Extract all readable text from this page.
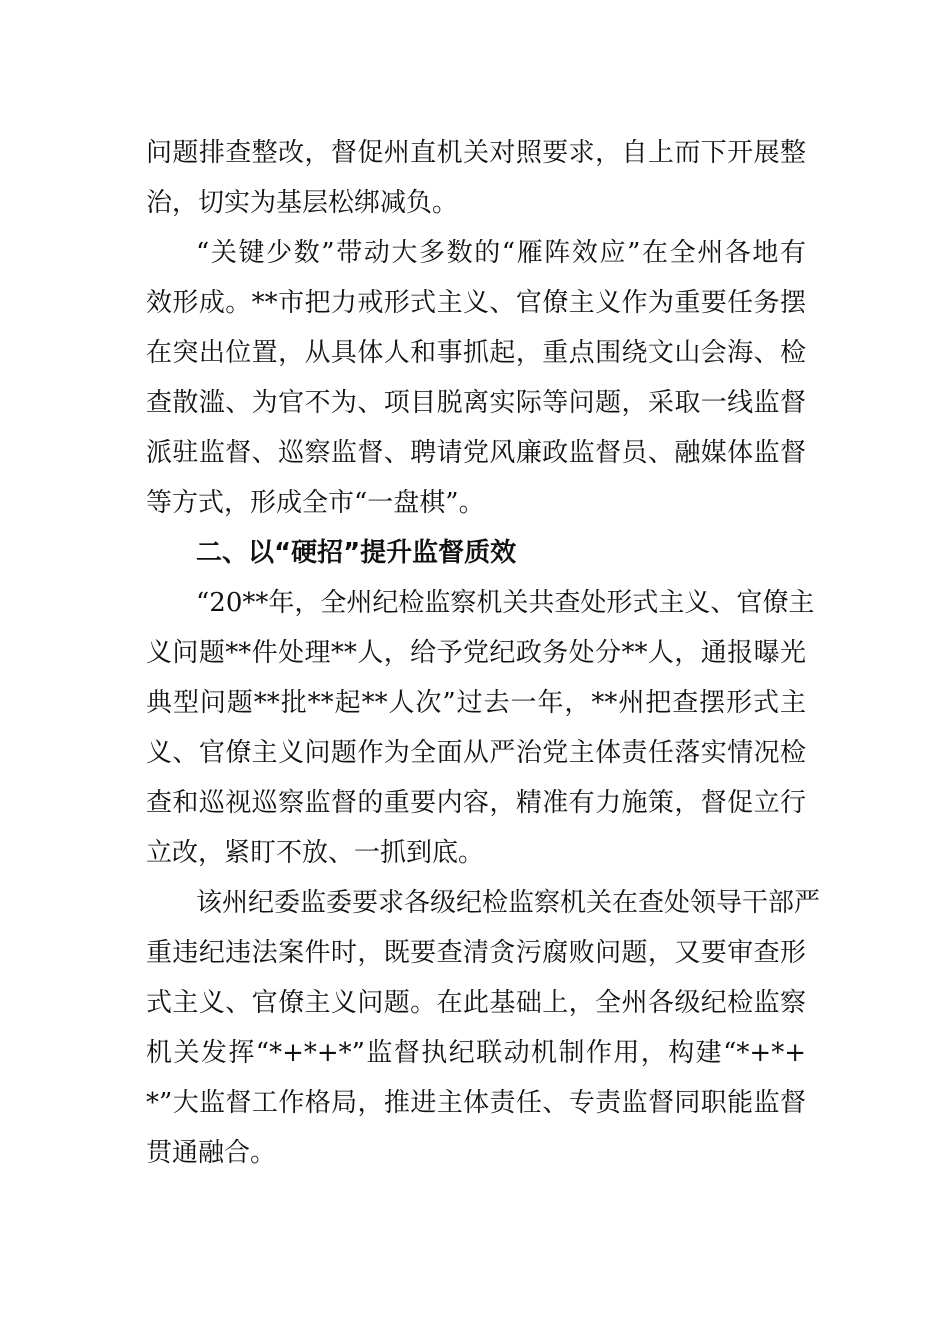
问题排查整改，督促州直机关对照要求，自上而下开展整
治，切实为基层松绑减负。
“关键少数”带动大多数的“雁阵效应”在全州各地有
效形成。**市把力戒形式主义、官僚主义作为重要任务摆
在突出位置，从具体人和事抓起，重点围绕文山会海、检
查散滥、为官不为、项目脱离实际等问题，采取一线监督
派驻监督、巡察监督、聘请党风廉政监督员、融媒体监督
等方式，形成全市“一盘棋”。
二、以“硬招”提升监督质效
“20**年，全州纪检监察机关共查处形式主义、官僚主
义问题**件处理**人，给予党纪政务处分**人，通报曝光
典型问题**批**起**人次”过去一年，**州把查摆形式主
义、官僚主义问题作为全面从严治党主体责任落实情况检
查和巡视巡察监督的重要内容，精准有力施策，督促立行
立改，紧盯不放、一抓到底。
该州纪委监委要求各级纪检监察机关在查处领导干部严
重违纪违法案件时，既要查清贪污腐败问题，又要审查形
式主义、官僚主义问题。在此基础上，全州各级纪检监察
机关发挥“*+*+*”监督执纪联动机制作用，构建“*+*+
*”大监督工作格局，推进主体责任、专责监督同职能监督
贯通融合。
